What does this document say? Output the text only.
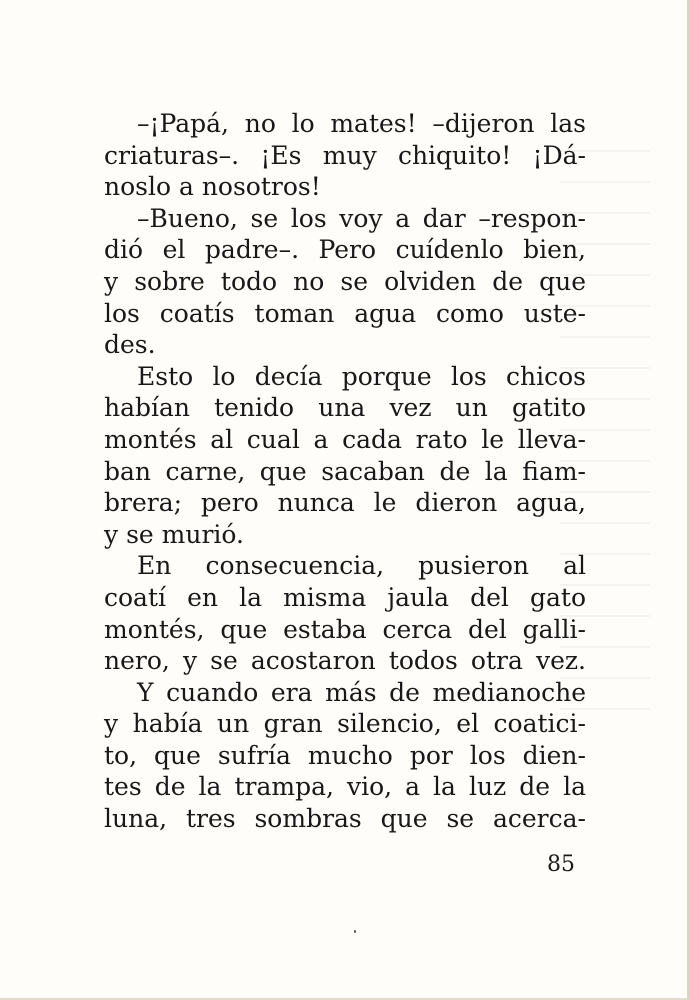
–¡Papá, no lo mates! –dijeron las
criaturas–. ¡Es muy chiquito! ¡Dá-
noslo a nosotros!

–Bueno, se los voy a dar –respon-
dió el padre–. Pero cuídenlo bien,
y sobre todo no se olviden de que
los coatís toman agua como uste-
des.

Esto lo decía porque los chicos
habían tenido una vez un gatito
montés al cual a cada rato le lleva-
ban carne, que sacaban de la fiam-
brera; pero nunca le dieron agua,
y se murió.

En consecuencia, pusieron al
coatí en la misma jaula del gato
montés, que estaba cerca del galli-
nero, y se acostaron todos otra vez.

Y cuando era más de medianoche
y había un gran silencio, el coatici-
to, que sufría mucho por los dien-
tes de la trampa, vio, a la luz de la
luna, tres sombras que se acerca-

85
